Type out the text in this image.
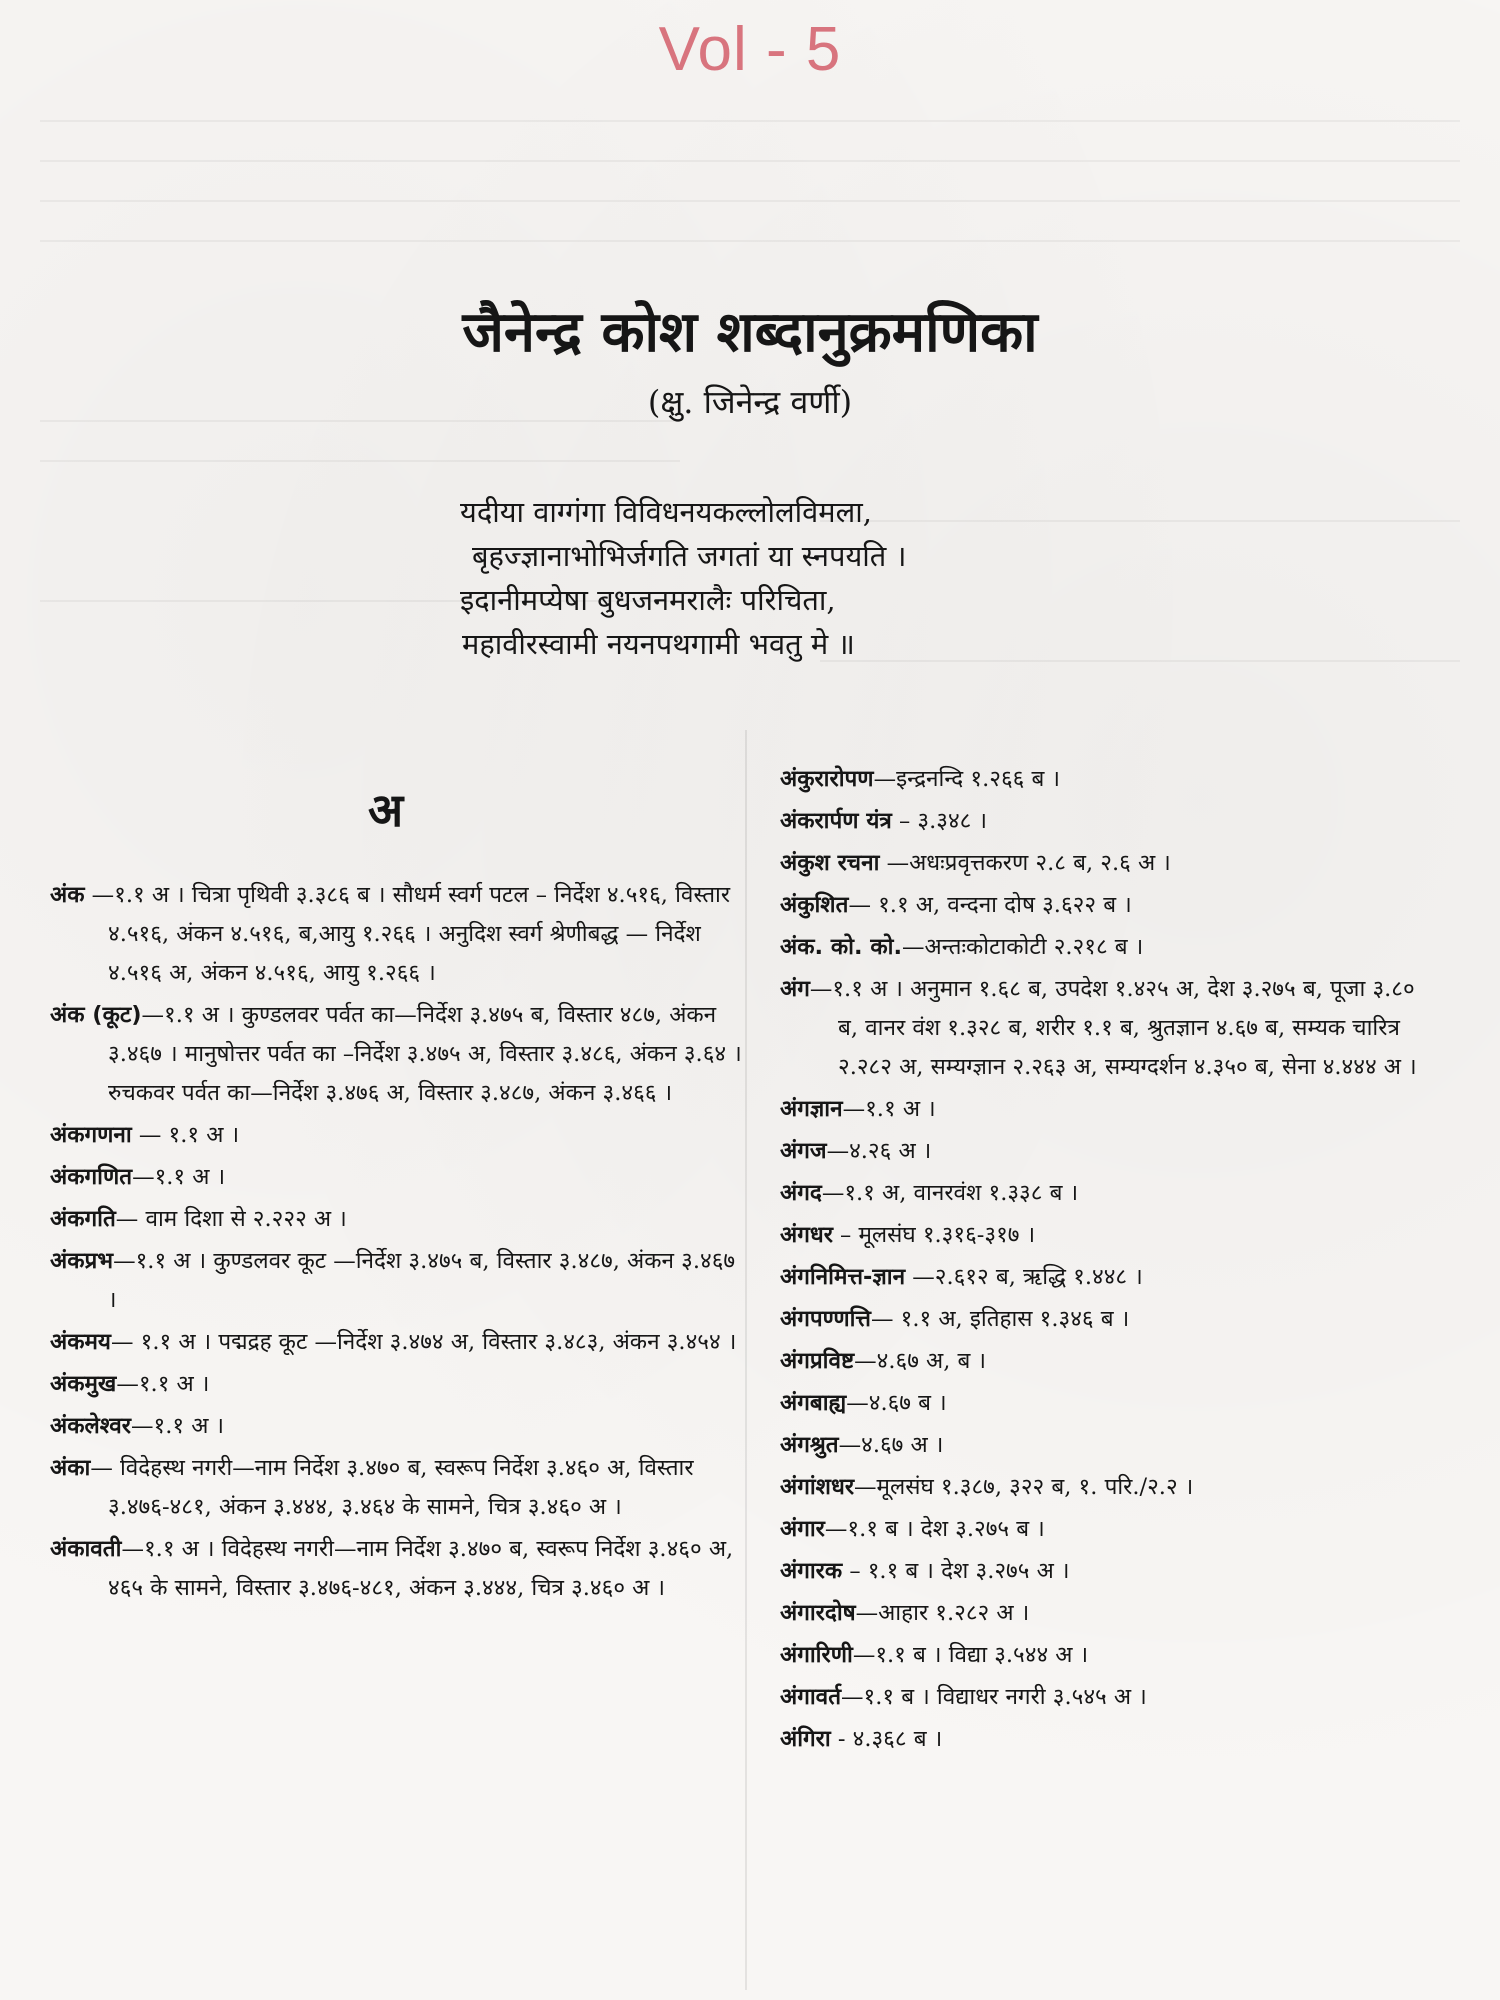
Vol - 5
जैनेन्द्र कोश शब्दानुक्रमणिका
(क्षु. जिनेन्द्र वर्णी)
यदीया वाग्गंगा विविधनयकल्लोलविमला,
बृहज्ज्ञानाभोभिर्जगति जगतां या स्नपयति ।
इदानीमप्येषा बुधजनमरालैः परिचिता,
महावीरस्वामी नयनपथगामी भवतु मे ॥
अ
अंक —१.१ अ । चित्रा पृथिवी ३.३८६ ब । सौधर्म स्वर्ग पटल – निर्देश ४.५१६, विस्तार ४.५१६, अंकन ४.५१६, ब,आयु १.२६६ । अनुदिश स्वर्ग श्रेणीबद्ध — निर्देश ४.५१६ अ, अंकन ४.५१६, आयु १.२६६ ।
अंक (कूट)—१.१ अ । कुण्डलवर पर्वत का—निर्देश ३.४७५ ब, विस्तार ४८७, अंकन ३.४६७ । मानुषोत्तर पर्वत का –निर्देश ३.४७५ अ, विस्तार ३.४८६, अंकन ३.६४ । रुचकवर पर्वत का—निर्देश ३.४७६ अ, विस्तार ३.४८७, अंकन ३.४६६ ।
अंकगणना — १.१ अ ।
अंकगणित—१.१ अ ।
अंकगति— वाम दिशा से २.२२२ अ ।
अंकप्रभ—१.१ अ । कुण्डलवर कूट —निर्देश ३.४७५ ब, विस्तार ३.४८७, अंकन ३.४६७ ।
अंकमय— १.१ अ । पद्मद्रह कूट —निर्देश ३.४७४ अ, विस्तार ३.४८३, अंकन ३.४५४ ।
अंकमुख—१.१ अ ।
अंकलेश्वर—१.१ अ ।
अंका— विदेहस्थ नगरी—नाम निर्देश ३.४७० ब, स्वरूप निर्देश ३.४६० अ, विस्तार ३.४७६-४८१, अंकन ३.४४४, ३.४६४ के सामने, चित्र ३.४६० अ ।
अंकावती—१.१ अ । विदेहस्थ नगरी—नाम निर्देश ३.४७० ब, स्वरूप निर्देश ३.४६० अ, ४६५ के सामने, विस्तार ३.४७६-४८१, अंकन ३.४४४, चित्र ३.४६० अ ।
अंकुरारोपण—इन्द्रनन्दि १.२६६ ब ।
अंकरार्पण यंत्र – ३.३४८ ।
अंकुश रचना —अधःप्रवृत्तकरण २.८ ब, २.६ अ ।
अंकुशित— १.१ अ, वन्दना दोष ३.६२२ ब ।
अंक. को. को.—अन्तःकोटाकोटी २.२१८ ब ।
अंग—१.१ अ । अनुमान १.६८ ब, उपदेश १.४२५ अ, देश ३.२७५ ब, पूजा ३.८० ब, वानर वंश १.३२८ ब, शरीर १.१ ब, श्रुतज्ञान ४.६७ ब, सम्यक चारित्र २.२८२ अ, सम्यग्ज्ञान २.२६३ अ, सम्यग्दर्शन ४.३५० ब, सेना ४.४४४ अ ।
अंगज्ञान—१.१ अ ।
अंगज—४.२६ अ ।
अंगद—१.१ अ, वानरवंश १.३३८ ब ।
अंगधर – मूलसंघ १.३१६-३१७ ।
अंगनिमित्त-ज्ञान —२.६१२ ब, ऋद्धि १.४४८ ।
अंगपण्णत्ति— १.१ अ, इतिहास १.३४६ ब ।
अंगप्रविष्ट—४.६७ अ, ब ।
अंगबाह्य—४.६७ ब ।
अंगश्रुत—४.६७ अ ।
अंगांशधर—मूलसंघ १.३८७, ३२२ ब, १. परि./२.२ ।
अंगार—१.१ ब । देश ३.२७५ ब ।
अंगारक – १.१ ब । देश ३.२७५ अ ।
अंगारदोष—आहार १.२८२ अ ।
अंगारिणी—१.१ ब । विद्या ३.५४४ अ ।
अंगावर्त—१.१ ब । विद्याधर नगरी ३.५४५ अ ।
अंगिरा - ४.३६८ ब ।
